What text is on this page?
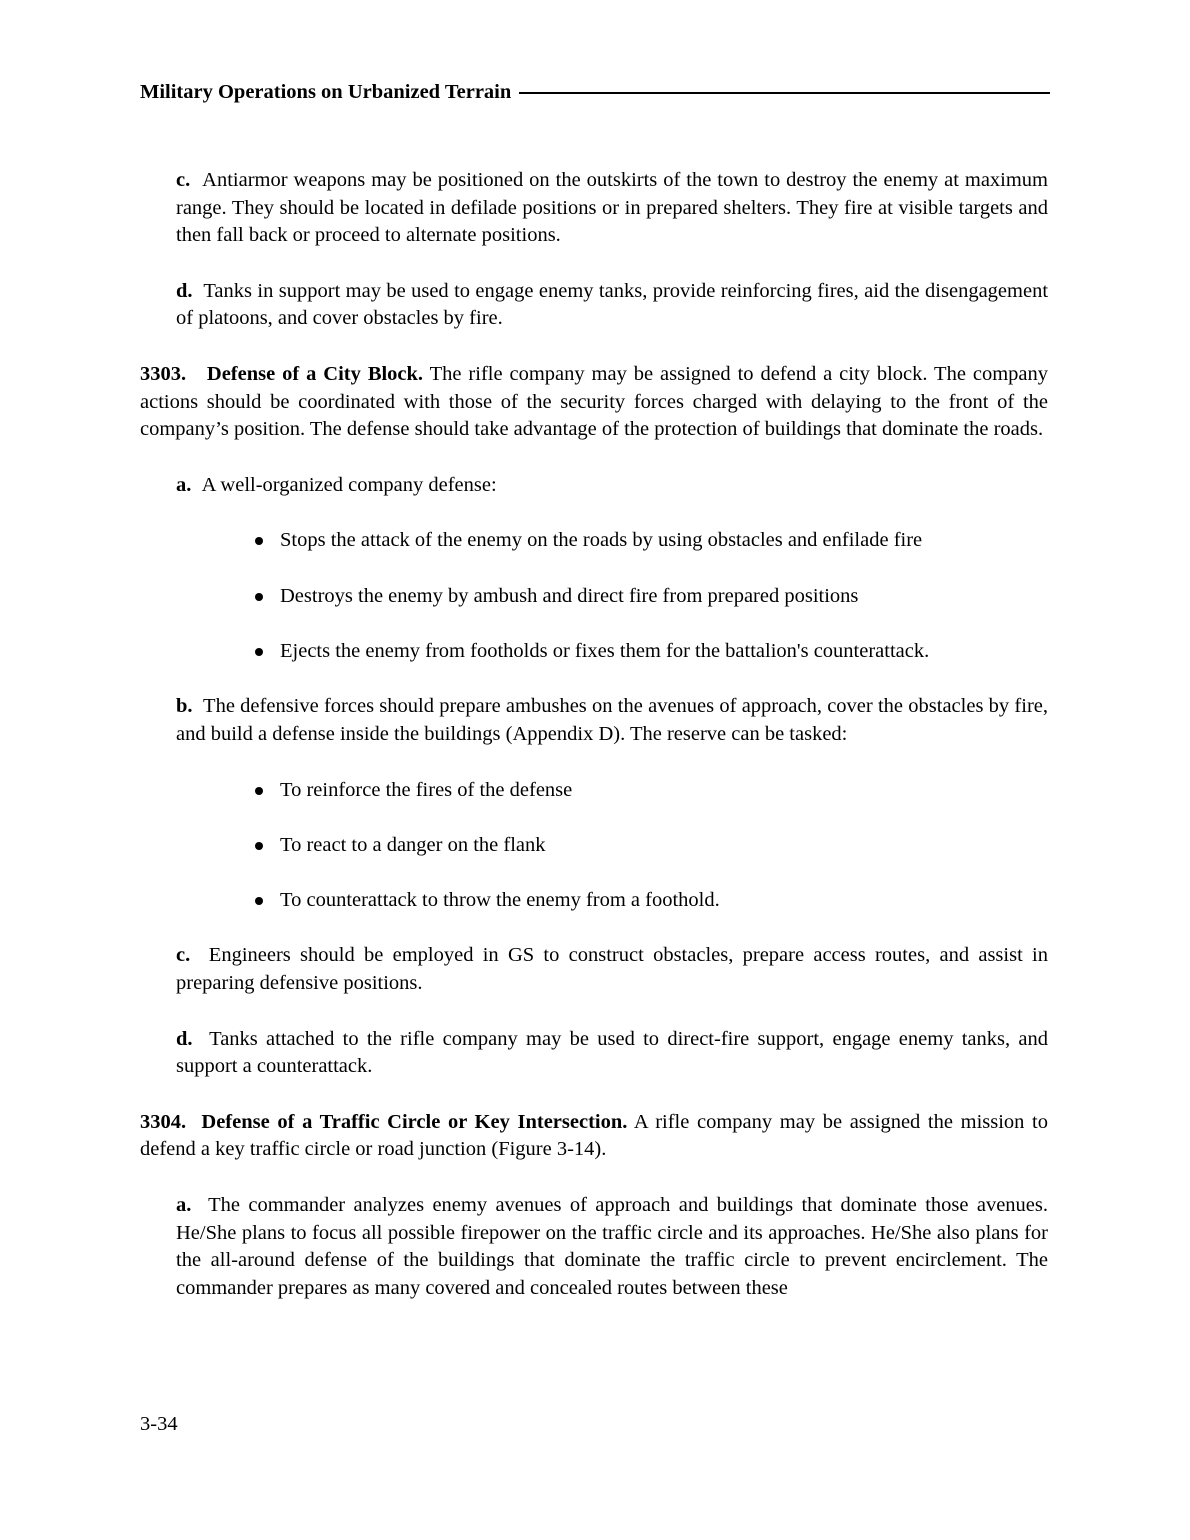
Military Operations on Urbanized Terrain

c. Antiarmor weapons may be positioned on the outskirts of the town to destroy the enemy at maximum range. They should be located in defilade positions or in prepared shelters. They fire at visible targets and then fall back or proceed to alternate positions.

d. Tanks in support may be used to engage enemy tanks, provide reinforcing fires, aid the disengagement of platoons, and cover obstacles by fire.

3303. Defense of a City Block. The rifle company may be assigned to defend a city block. The company actions should be coordinated with those of the security forces charged with delaying to the front of the company’s position. The defense should take advantage of the protection of buildings that dominate the roads.

a. A well-organized company defense:

Stops the attack of the enemy on the roads by using obstacles and enfilade fire
Destroys the enemy by ambush and direct fire from prepared positions
Ejects the enemy from footholds or fixes them for the battalion's counterattack.

b. The defensive forces should prepare ambushes on the avenues of approach, cover the obstacles by fire, and build a defense inside the buildings (Appendix D). The reserve can be tasked:

To reinforce the fires of the defense
To react to a danger on the flank
To counterattack to throw the enemy from a foothold.

c. Engineers should be employed in GS to construct obstacles, prepare access routes, and assist in preparing defensive positions.

d. Tanks attached to the rifle company may be used to direct-fire support, engage enemy tanks, and support a counterattack.

3304. Defense of a Traffic Circle or Key Intersection. A rifle company may be assigned the mission to defend a key traffic circle or road junction (Figure 3-14).

a. The commander analyzes enemy avenues of approach and buildings that dominate those avenues. He/She plans to focus all possible firepower on the traffic circle and its approaches. He/She also plans for the all-around defense of the buildings that dominate the traffic circle to prevent encirclement. The commander prepares as many covered and concealed routes between these

3-34
